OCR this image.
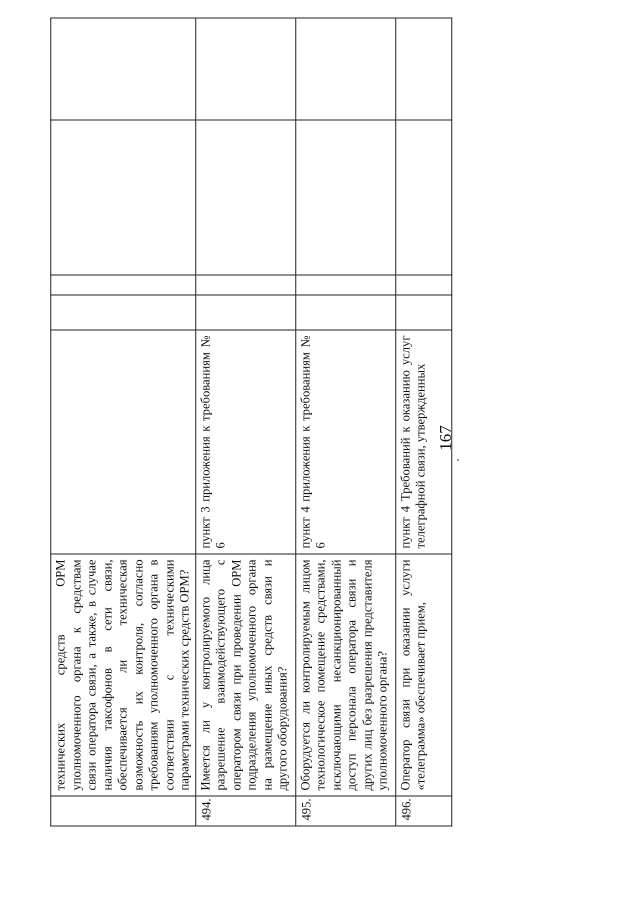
167
	технических средств ОРМ уполномоченного органа к средствам связи оператора связи, а также, в случае наличия таксофонов в сети связи, обеспечивается ли техническая возможность их контроля, согласно требованиям уполномоченного органа в соответствии с техническими параметрами технических средств ОРМ?					
494.	Имеется ли у контролируемого лица разрешение взаимодействующего с оператором связи при проведении ОРМ подразделения уполномоченного органа на размещение иных средств связи и другого оборудования?	пункт 3 приложения к требованиям № 6				
495.	Оборудуется ли контролируемым лицом технологическое помещение средствами, исключающими несанкционированный доступ персонала оператора связи и других лиц без разрешения представителя уполномоченного органа?	пункт 4 приложения к требованиям № 6				
496.	Оператор связи при оказании услуги «телеграмма» обеспечивает прием,	пункт 4 Требований к оказанию услуг телеграфной связи, утвержденных				
